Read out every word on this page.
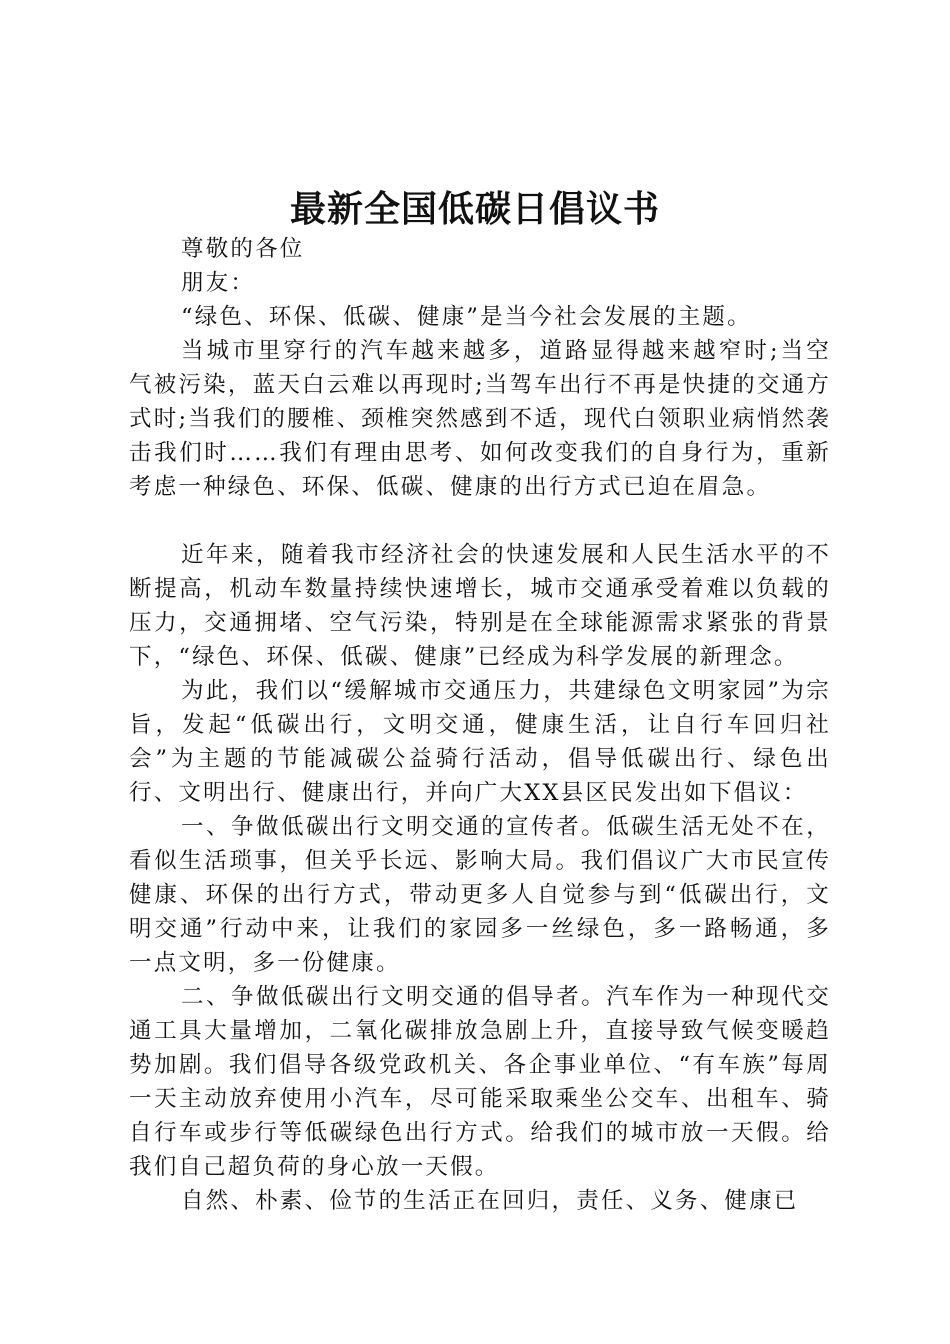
最新全国低碳日倡议书

尊敬的各位

朋友：

“绿色、环保、低碳、健康”是当今社会发展的主题。

当城市里穿行的汽车越来越多，道路显得越来越窄时;当空气被污染，蓝天白云难以再现时;当驾车出行不再是快捷的交通方式时;当我们的腰椎、颈椎突然感到不适，现代白领职业病悄然袭击我们时……我们有理由思考、如何改变我们的自身行为，重新考虑一种绿色、环保、低碳、健康的出行方式已迫在眉急。

近年来，随着我市经济社会的快速发展和人民生活水平的不断提高，机动车数量持续快速增长，城市交通承受着难以负载的压力，交通拥堵、空气污染，特别是在全球能源需求紧张的背景下，“绿色、环保、低碳、健康”已经成为科学发展的新理念。

为此，我们以“缓解城市交通压力，共建绿色文明家园”为宗旨，发起“低碳出行，文明交通，健康生活，让自行车回归社会”为主题的节能减碳公益骑行活动，倡导低碳出行、绿色出行、文明出行、健康出行，并向广大XX县区民发出如下倡议：

一、争做低碳出行文明交通的宣传者。低碳生活无处不在，看似生活琐事，但关乎长远、影响大局。我们倡议广大市民宣传健康、环保的出行方式，带动更多人自觉参与到“低碳出行，文明交通”行动中来，让我们的家园多一丝绿色，多一路畅通，多一点文明，多一份健康。

二、争做低碳出行文明交通的倡导者。汽车作为一种现代交通工具大量增加，二氧化碳排放急剧上升，直接导致气候变暖趋势加剧。我们倡导各级党政机关、各企事业单位、“有车族”每周一天主动放弃使用小汽车，尽可能采取乘坐公交车、出租车、骑自行车或步行等低碳绿色出行方式。给我们的城市放一天假。给我们自己超负荷的身心放一天假。

自然、朴素、俭节的生活正在回归，责任、义务、健康已
